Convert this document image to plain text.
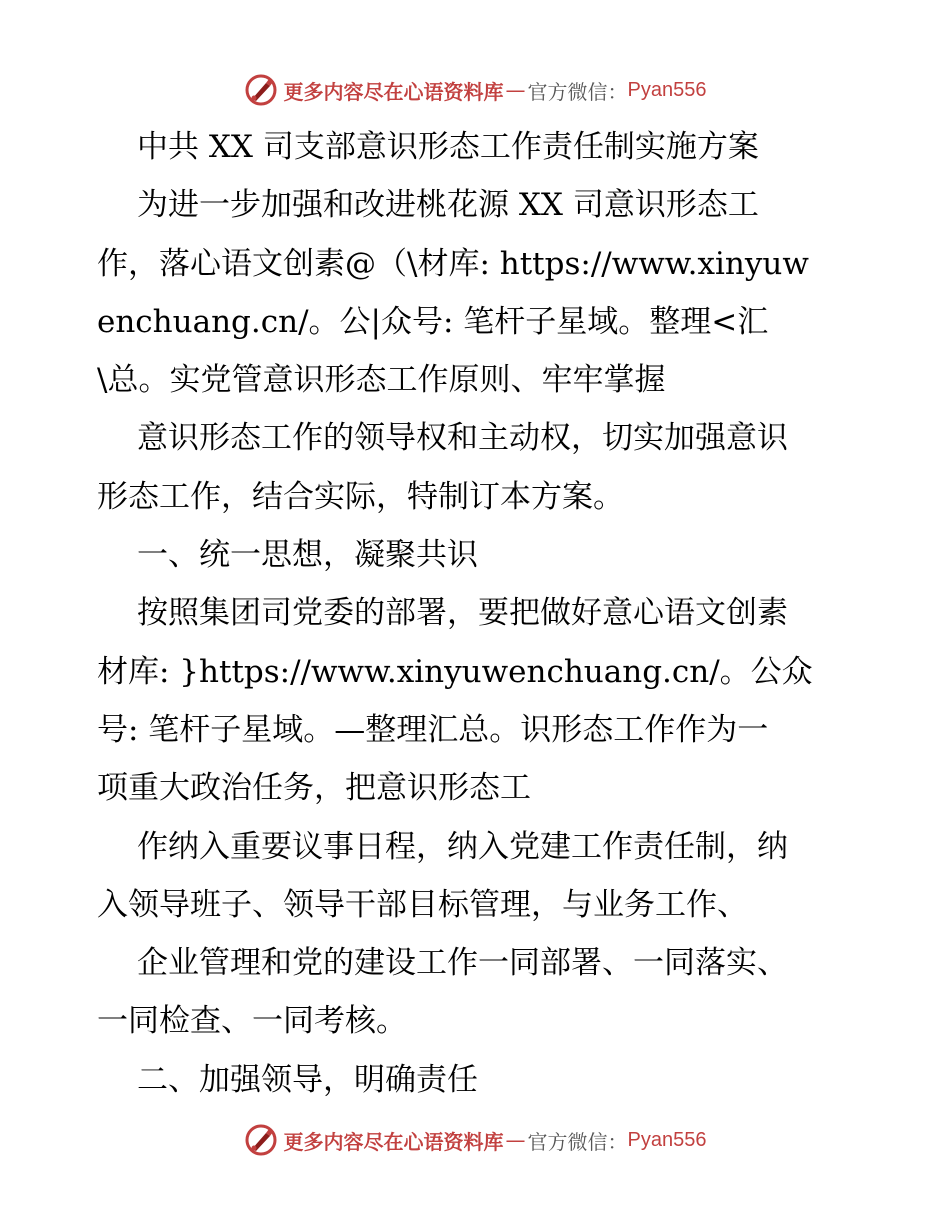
更多内容尽在心语资料库 — 官方微信： Pyan556
中共 XX 司支部意识形态工作责任制实施方案
为进一步加强和改进桃花源 XX 司意识形态工
作，落心语文创素@（\材库: https://www.xinyuw
enchuang.cn/。公|众号: 笔杆子星域。整理<汇
\总。实党管意识形态工作原则、牢牢掌握
意识形态工作的领导权和主动权，切实加强意识
形态工作，结合实际，特制订本方案。
一、统一思想，凝聚共识
按照集团司党委的部署，要把做好意心语文创素
材库: }https://www.xinyuwenchuang.cn/。公众
号: 笔杆子星域。—整理汇总。识形态工作作为一
项重大政治任务，把意识形态工
作纳入重要议事日程，纳入党建工作责任制，纳
入领导班子、领导干部目标管理，与业务工作、
企业管理和党的建设工作一同部署、一同落实、
一同检查、一同考核。
二、加强领导，明确责任
更多内容尽在心语资料库 — 官方微信： Pyan556
